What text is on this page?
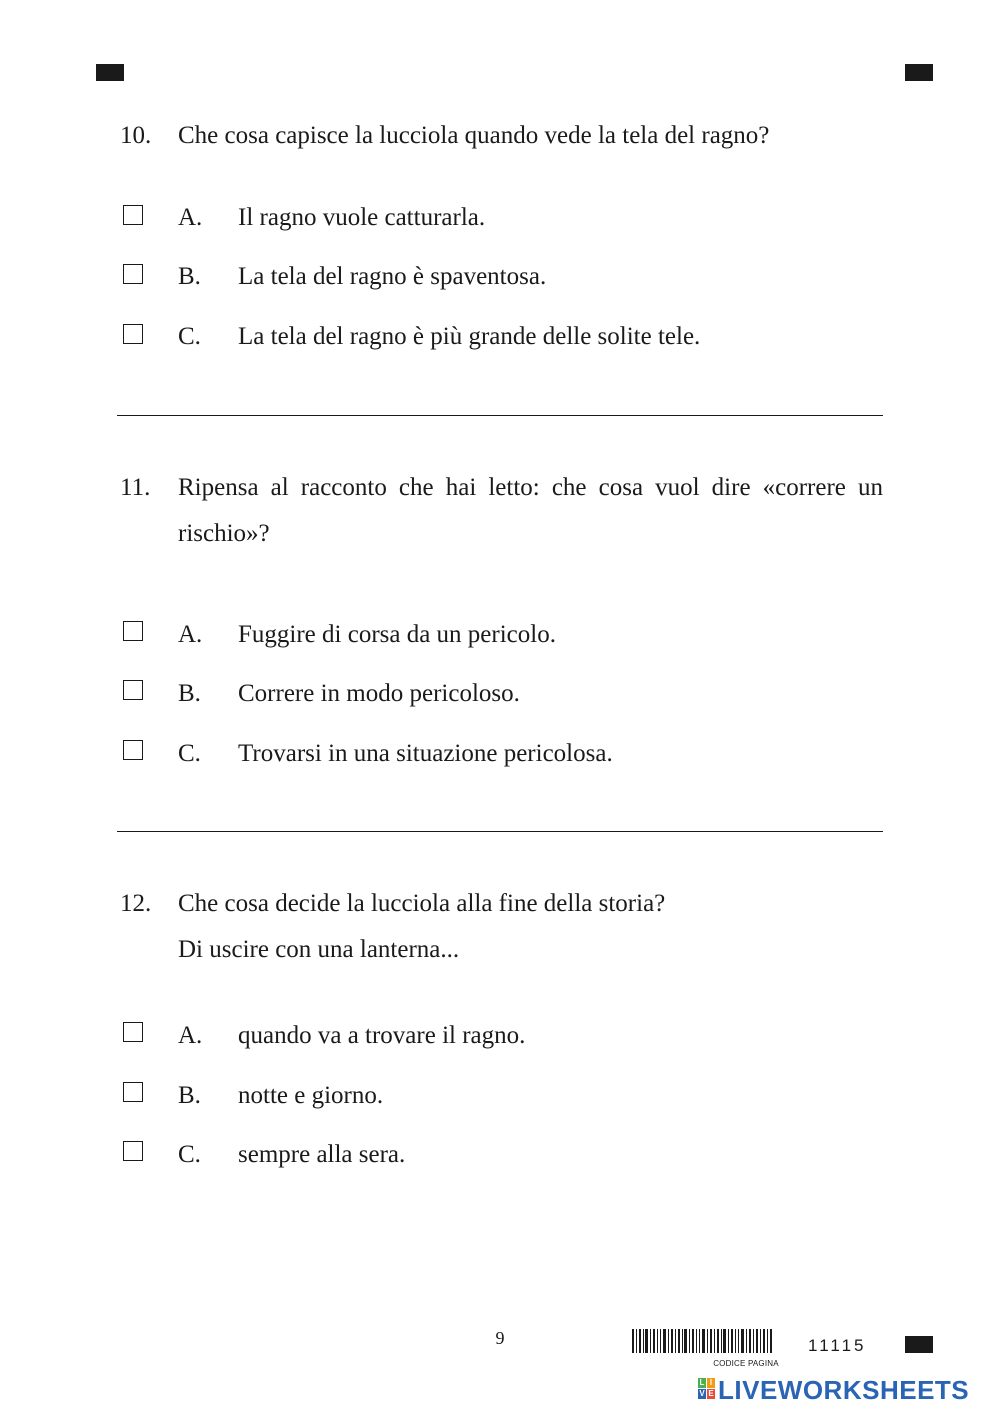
10. Che cosa capisce la lucciola quando vede la tela del ragno?
A. Il ragno vuole catturarla.
B. La tela del ragno è spaventosa.
C. La tela del ragno è più grande delle solite tele.
11. Ripensa al racconto che hai letto: che cosa vuol dire «correre un
rischio»?
A. Fuggire di corsa da un pericolo.
B. Correre in modo pericoloso.
C. Trovarsi in una situazione pericolosa.
12. Che cosa decide la lucciola alla fine della storia?
Di uscire con una lanterna...
A. quando va a trovare il ragno.
B. notte e giorno.
C. sempre alla sera.
9
CODICE PAGINA
11115
L I
V E LIVEWORKSHEETS
